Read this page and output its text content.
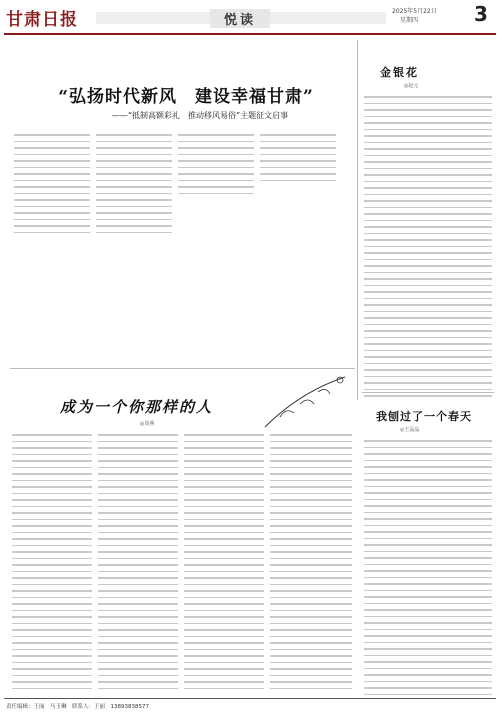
甘肃日报	悦读
2025年5月22日
星期四	3
“弘扬时代新风　建设幸福甘肃”
——“抵制高额彩礼　推动移风易俗”主题征文启事
金银花
◎赵元
成为一个你那样的人
◎周燕
我刨过了一个春天
◎王晶晶
责任编辑：王丽　马玉琳　联系人：王丽　13893838577
